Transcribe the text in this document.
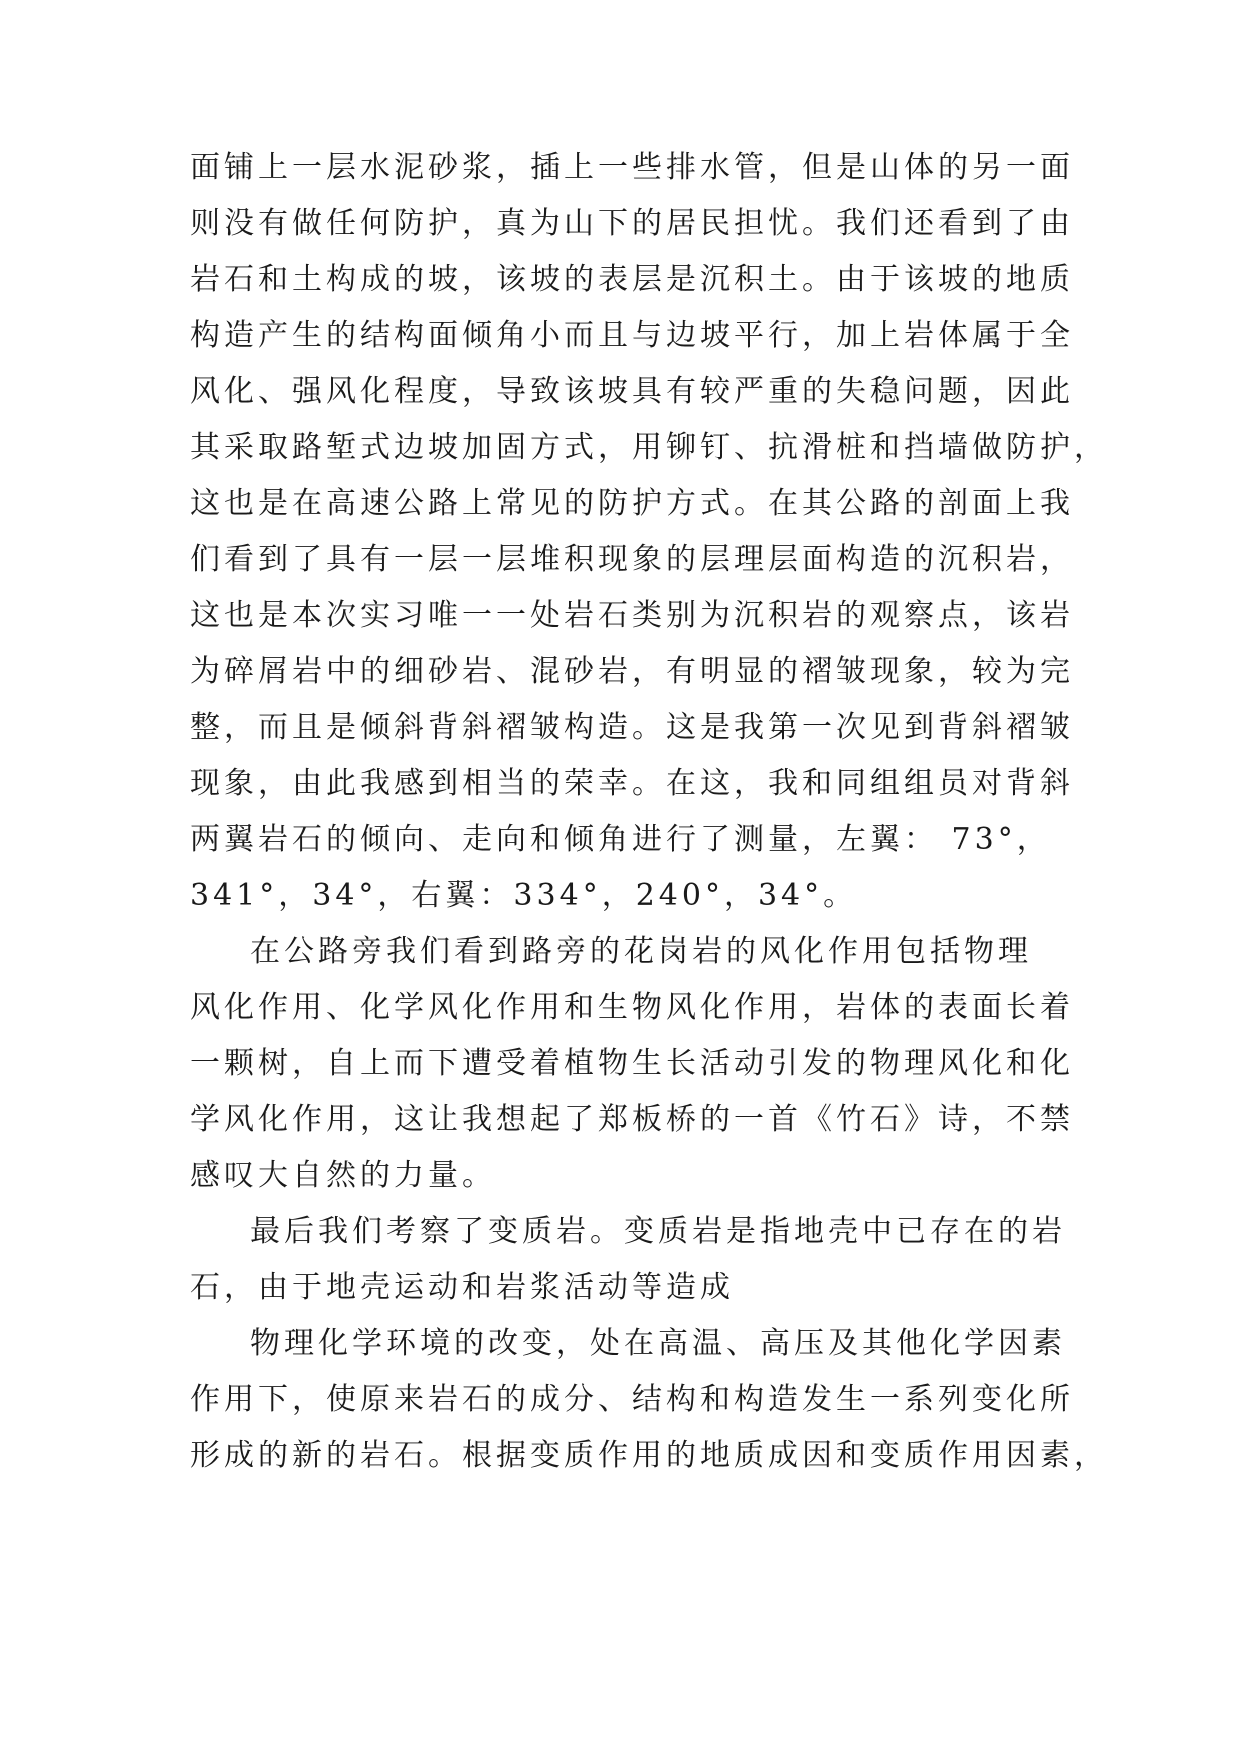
面铺上一层水泥砂浆，插上一些排水管，但是山体的另一面

则没有做任何防护，真为山下的居民担忧。我们还看到了由

岩石和土构成的坡，该坡的表层是沉积土。由于该坡的地质

构造产生的结构面倾角小而且与边坡平行，加上岩体属于全

风化、强风化程度，导致该坡具有较严重的失稳问题，因此

其采取路堑式边坡加固方式，用铆钉、抗滑桩和挡墙做防护，

这也是在高速公路上常见的防护方式。在其公路的剖面上我

们看到了具有一层一层堆积现象的层理层面构造的沉积岩，

这也是本次实习唯一一处岩石类别为沉积岩的观察点，该岩

为碎屑岩中的细砂岩、混砂岩，有明显的褶皱现象，较为完

整，而且是倾斜背斜褶皱构造。这是我第一次见到背斜褶皱

现象，由此我感到相当的荣幸。在这，我和同组组员对背斜

两翼岩石的倾向、走向和倾角进行了测量，左翼： 73°，

341°，34°，右翼：334°，240°，34°。

在公路旁我们看到路旁的花岗岩的风化作用包括物理

风化作用、化学风化作用和生物风化作用，岩体的表面长着

一颗树，自上而下遭受着植物生长活动引发的物理风化和化

学风化作用，这让我想起了郑板桥的一首《竹石》诗，不禁

感叹大自然的力量。

最后我们考察了变质岩。变质岩是指地壳中已存在的岩

石，由于地壳运动和岩浆活动等造成

物理化学环境的改变，处在高温、高压及其他化学因素

作用下，使原来岩石的成分、结构和构造发生一系列变化所

形成的新的岩石。根据变质作用的地质成因和变质作用因素，
